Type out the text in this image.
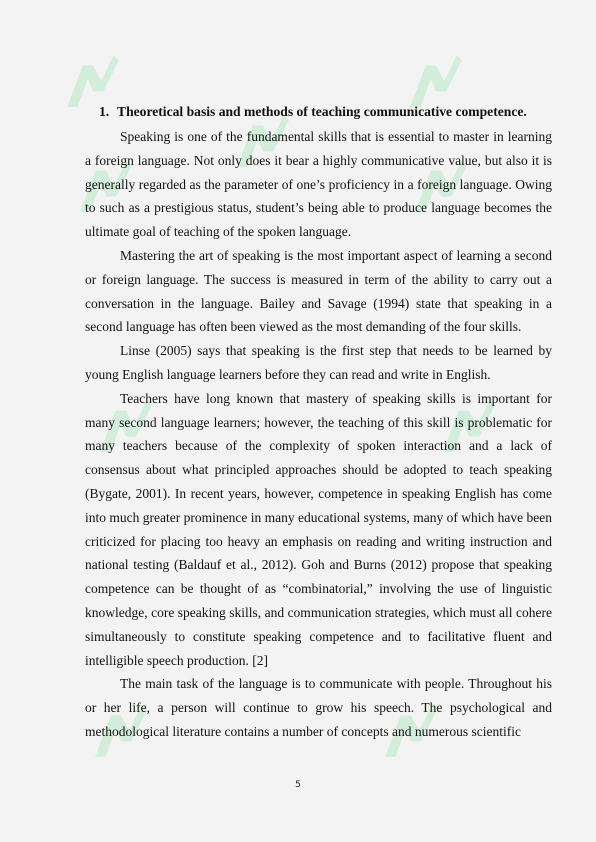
1. Theoretical basis and methods of teaching communicative competence.

Speaking is one of the fundamental skills that is essential to master in learning a foreign language. Not only does it bear a highly communicative value, but also it is generally regarded as the parameter of one’s proficiency in a foreign language. Owing to such as a prestigious status, student’s being able to produce language becomes the ultimate goal of teaching of the spoken language.

Mastering the art of speaking is the most important aspect of learning a second or foreign language. The success is measured in term of the ability to carry out a conversation in the language. Bailey and Savage (1994) state that speaking in a second language has often been viewed as the most demanding of the four skills.

Linse (2005) says that speaking is the first step that needs to be learned by young English language learners before they can read and write in English.

Teachers have long known that mastery of speaking skills is important for many second language learners; however, the teaching of this skill is problematic for many teachers because of the complexity of spoken interaction and a lack of consensus about what principled approaches should be adopted to teach speaking (Bygate, 2001). In recent years, however, competence in speaking English has come into much greater prominence in many educational systems, many of which have been criticized for placing too heavy an emphasis on reading and writing instruction and national testing (Baldauf et al., 2012). Goh and Burns (2012) propose that speaking competence can be thought of as “combinatorial,” involving the use of linguistic knowledge, core speaking skills, and communication strategies, which must all cohere simultaneously to constitute speaking competence and to facilitative fluent and intelligible speech production. [2]

The main task of the language is to communicate with people. Throughout his or her life, a person will continue to grow his speech. The psychological and methodological literature contains a number of concepts and numerous scientific

5
